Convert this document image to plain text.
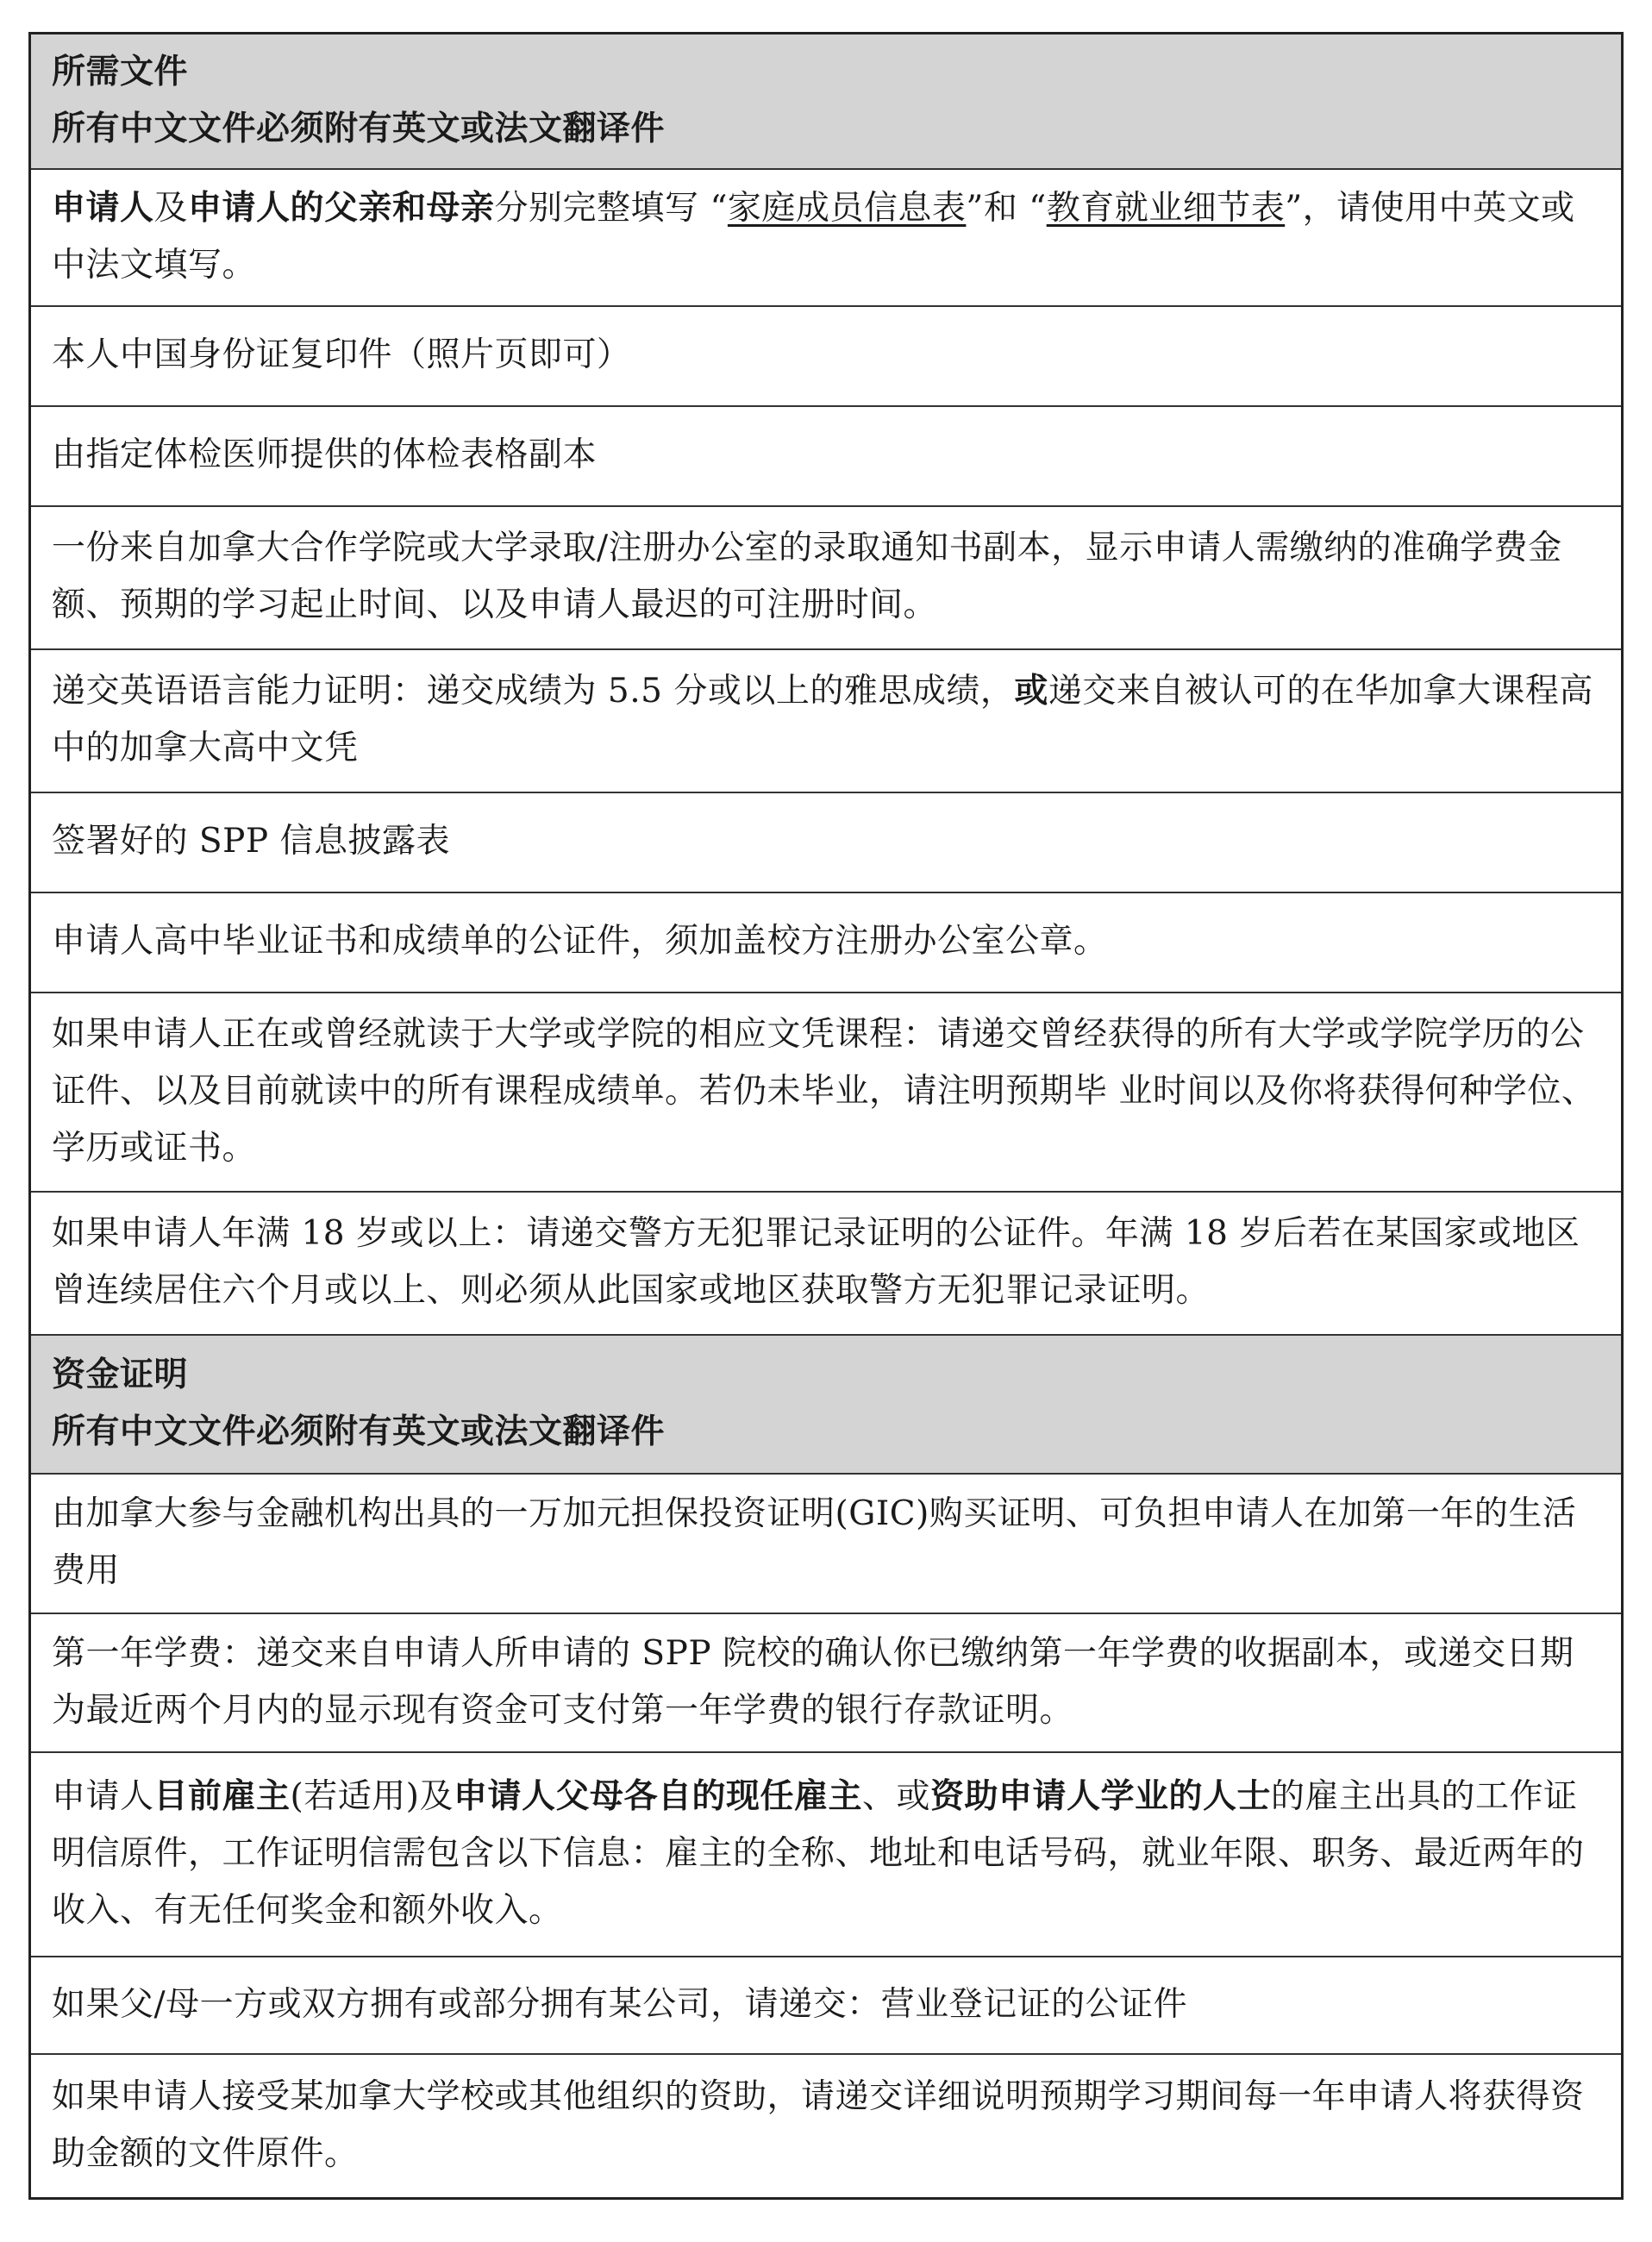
所需文件
所有中文文件必须附有英文或法文翻译件
申请人及申请人的父亲和母亲分别完整填写 “家庭成员信息表”和 “教育就业细节表”，请使用中英文或中法文填写。
本人中国身份证复印件（照片页即可）
由指定体检医师提供的体检表格副本
一份来自加拿大合作学院或大学录取/注册办公室的录取通知书副本，显示申请人需缴纳的准确学费金额、预期的学习起止时间、以及申请人最迟的可注册时间。
递交英语语言能力证明：递交成绩为 5.5 分或以上的雅思成绩，或递交来自被认可的在华加拿大课程高中的加拿大高中文凭
签署好的 SPP 信息披露表
申请人高中毕业证书和成绩单的公证件，须加盖校方注册办公室公章。
如果申请人正在或曾经就读于大学或学院的相应文凭课程：请递交曾经获得的所有大学或学院学历的公证件、以及目前就读中的所有课程成绩单。若仍未毕业，请注明预期毕 业时间以及你将获得何种学位、学历或证书。
如果申请人年满 18 岁或以上：请递交警方无犯罪记录证明的公证件。年满 18 岁后若在某国家或地区曾连续居住六个月或以上、则必须从此国家或地区获取警方无犯罪记录证明。
资金证明
所有中文文件必须附有英文或法文翻译件
由加拿大参与金融机构出具的一万加元担保投资证明(GIC)购买证明、可负担申请人在加第一年的生活费用
第一年学费：递交来自申请人所申请的 SPP 院校的确认你已缴纳第一年学费的收据副本，或递交日期为最近两个月内的显示现有资金可支付第一年学费的银行存款证明。
申请人目前雇主(若适用)及申请人父母各自的现任雇主、或资助申请人学业的人士的雇主出具的工作证明信原件，工作证明信需包含以下信息：雇主的全称、地址和电话号码，就业年限、职务、最近两年的收入、有无任何奖金和额外收入。
如果父/母一方或双方拥有或部分拥有某公司，请递交：营业登记证的公证件
如果申请人接受某加拿大学校或其他组织的资助，请递交详细说明预期学习期间每一年申请人将获得资助金额的文件原件。
